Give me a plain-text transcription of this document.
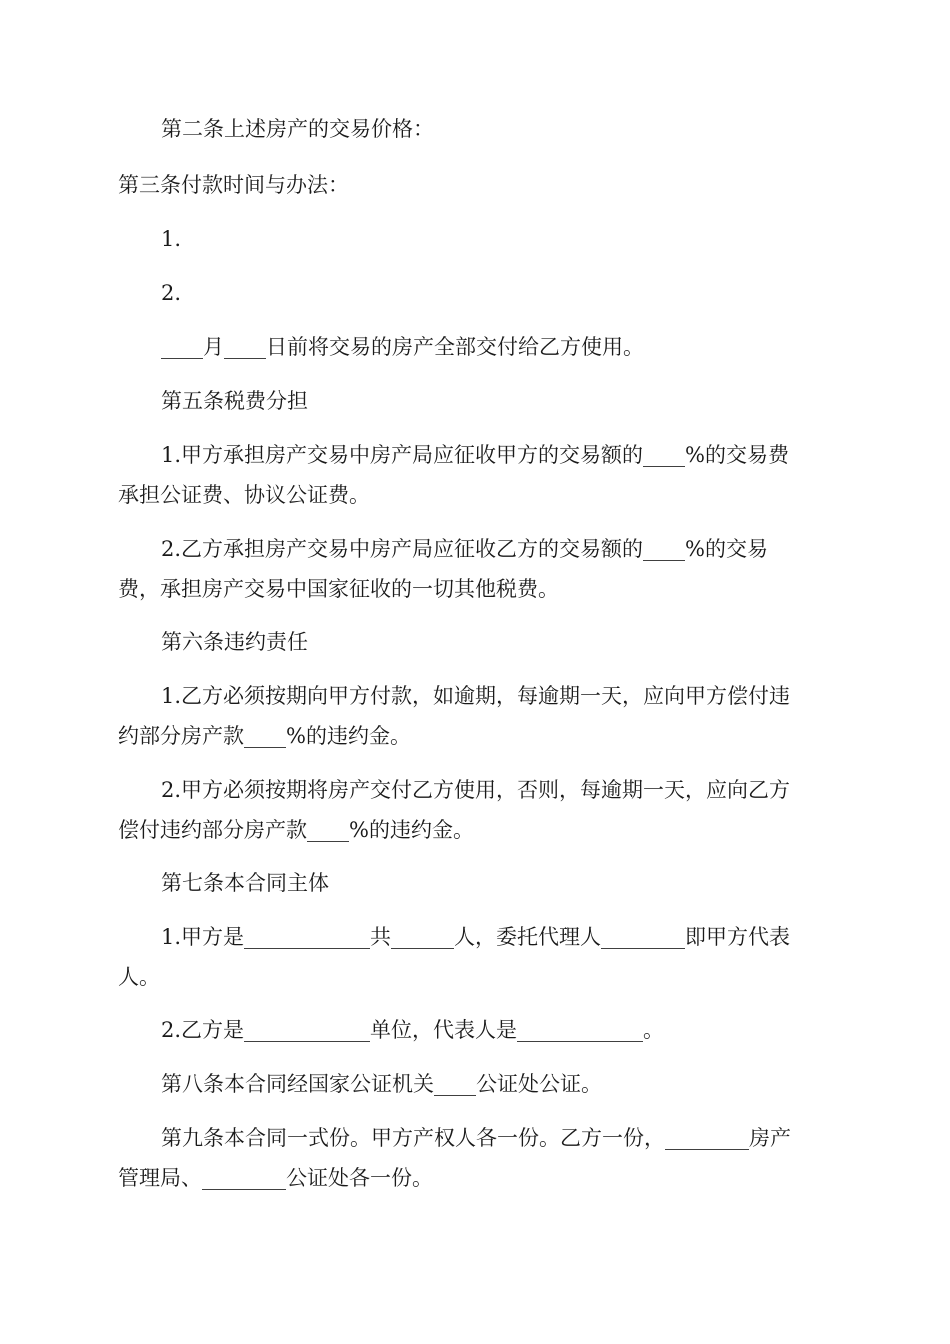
第二条上述房产的交易价格：

第三条付款时间与办法：

1.

2.

____月____日前将交易的房产全部交付给乙方使用。

第五条税费分担

1.甲方承担房产交易中房产局应征收甲方的交易额的____%的交易费

承担公证费、协议公证费。

2.乙方承担房产交易中房产局应征收乙方的交易额的____%的交易

费，承担房产交易中国家征收的一切其他税费。

第六条违约责任

1.乙方必须按期向甲方付款，如逾期，每逾期一天，应向甲方偿付违

约部分房产款____%的违约金。

2.甲方必须按期将房产交付乙方使用，否则，每逾期一天，应向乙方

偿付违约部分房产款____%的违约金。

第七条本合同主体

1.甲方是____________共______人，委托代理人________即甲方代表

人。

2.乙方是____________单位，代表人是____________。

第八条本合同经国家公证机关____公证处公证。

第九条本合同一式份。甲方产权人各一份。乙方一份，________房产

管理局、________公证处各一份。
